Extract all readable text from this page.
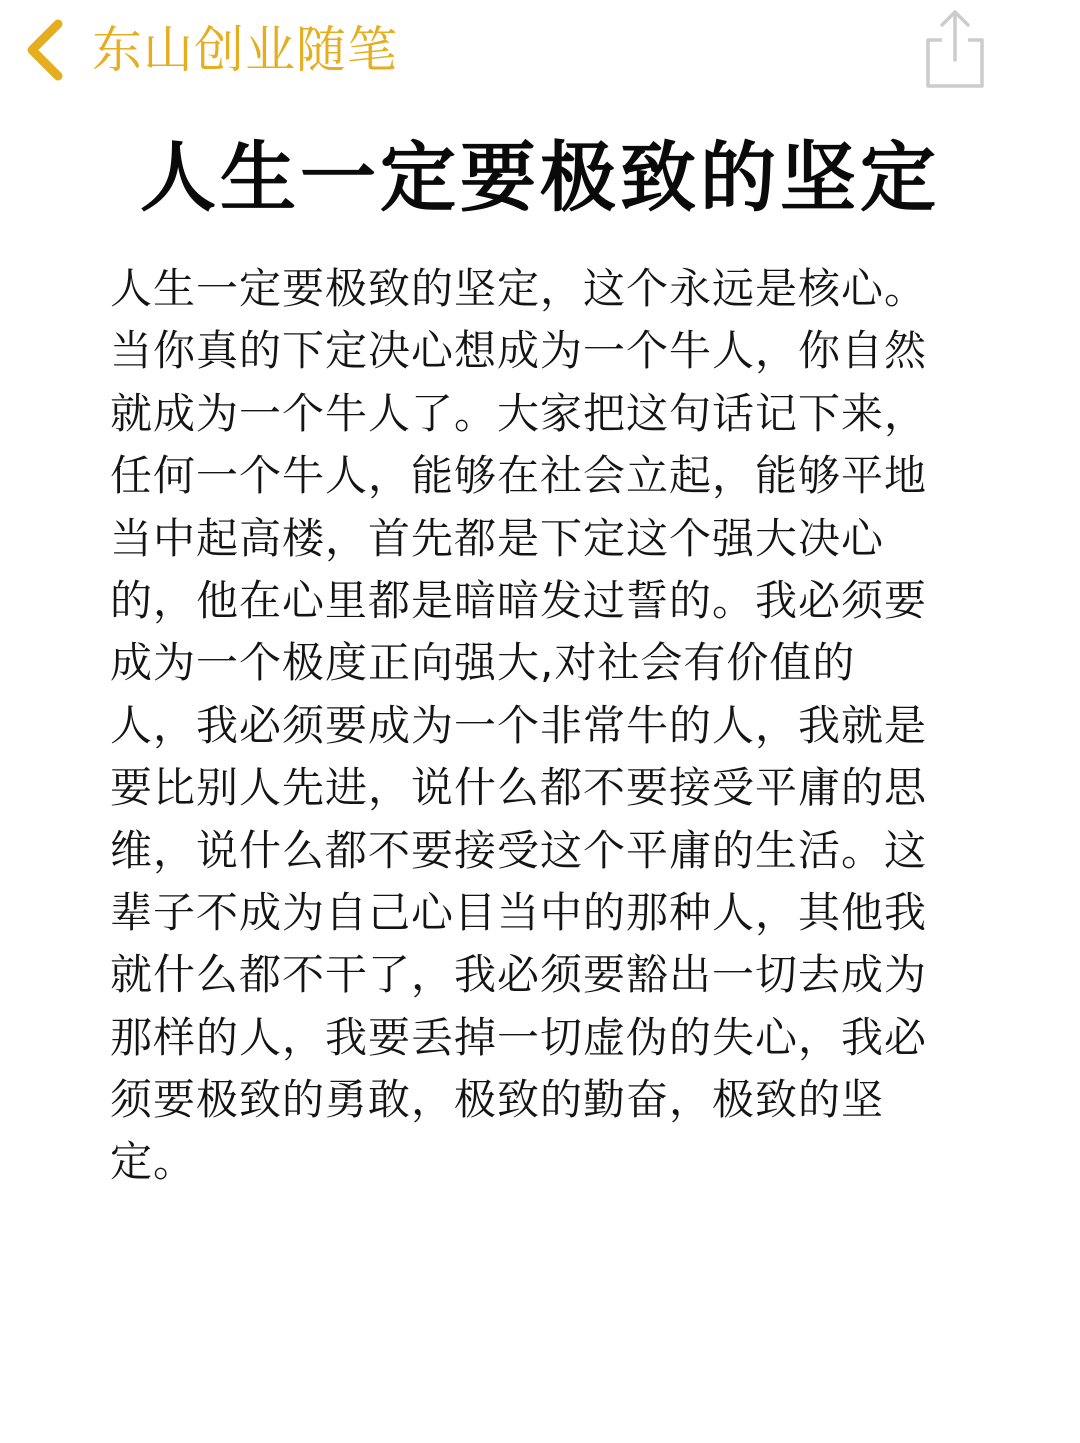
东山创业随笔
人生一定要极致的坚定
人生一定要极致的坚定，这个永远是核心。
当你真的下定决心想成为一个牛人，你自然
就成为一个牛人了。大家把这句话记下来，
任何一个牛人，能够在社会立起，能够平地
当中起高楼，首先都是下定这个强大决心
的，他在心里都是暗暗发过誓的。我必须要
成为一个极度正向强大,对社会有价值的
人，我必须要成为一个非常牛的人，我就是
要比别人先进，说什么都不要接受平庸的思
维，说什么都不要接受这个平庸的生活。这
辈子不成为自己心目当中的那种人，其他我
就什么都不干了，我必须要豁出一切去成为
那样的人，我要丢掉一切虚伪的失心，我必
须要极致的勇敢，极致的勤奋，极致的坚
定。
